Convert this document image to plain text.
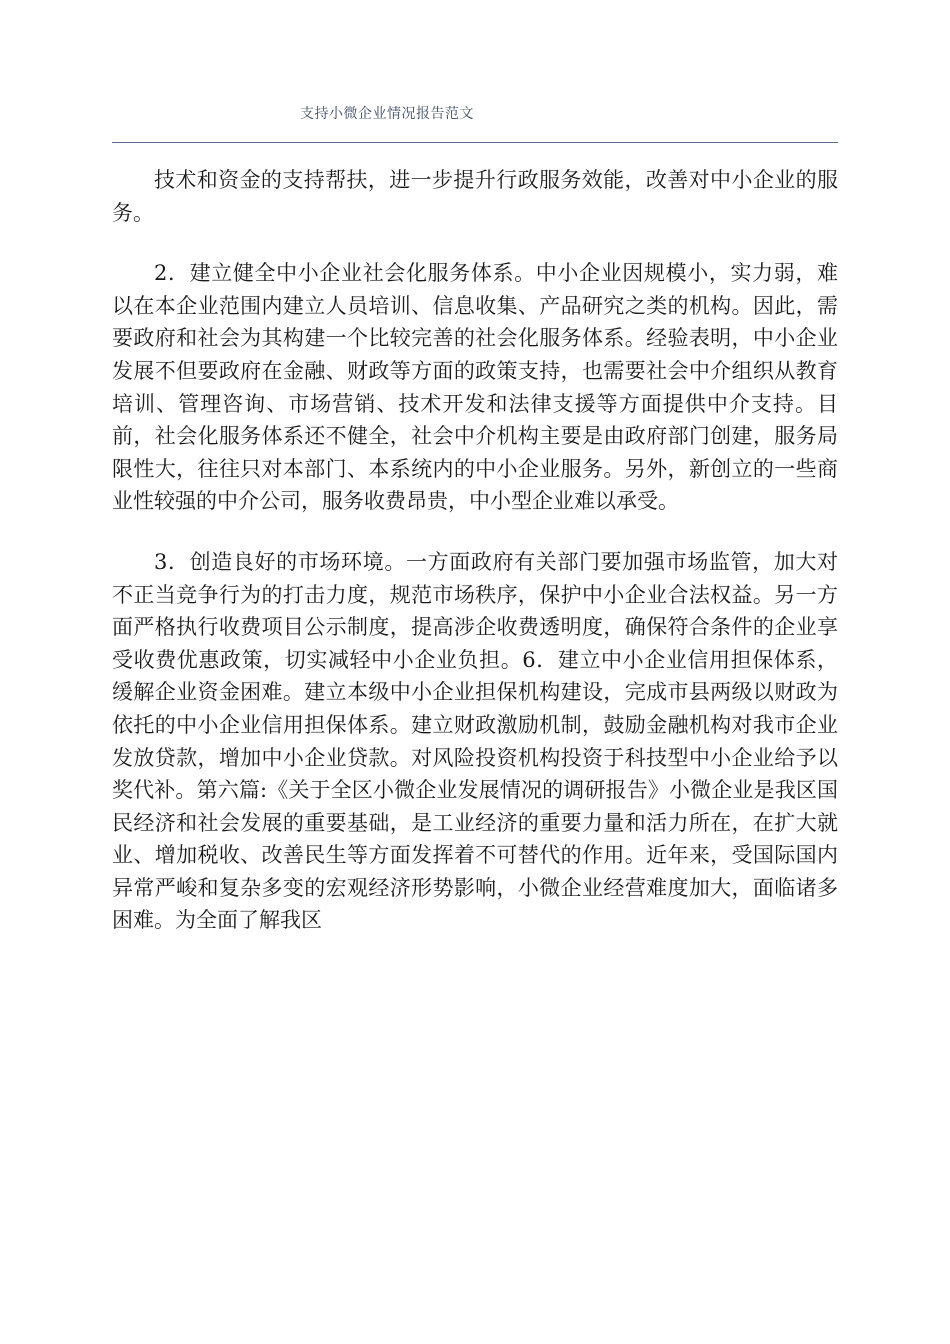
支持小微企业情况报告范文

技术和资金的支持帮扶，进一步提升行政服务效能，改善对中小企业的服务。

2．建立健全中小企业社会化服务体系。中小企业因规模小，实力弱，难以在本企业范围内建立人员培训、信息收集、产品研究之类的机构。因此，需要政府和社会为其构建一个比较完善的社会化服务体系。经验表明，中小企业发展不但要政府在金融、财政等方面的政策支持，也需要社会中介组织从教育培训、管理咨询、市场营销、技术开发和法律支援等方面提供中介支持。目前，社会化服务体系还不健全，社会中介机构主要是由政府部门创建，服务局限性大，往往只对本部门、本系统内的中小企业服务。另外，新创立的一些商业性较强的中介公司，服务收费昂贵，中小型企业难以承受。

3．创造良好的市场环境。一方面政府有关部门要加强市场监管，加大对不正当竞争行为的打击力度，规范市场秩序，保护中小企业合法权益。另一方面严格执行收费项目公示制度，提高涉企收费透明度，确保符合条件的企业享受收费优惠政策，切实减轻中小企业负担。6．建立中小企业信用担保体系，缓解企业资金困难。建立本级中小企业担保机构建设，完成市县两级以财政为依托的中小企业信用担保体系。建立财政激励机制，鼓励金融机构对我市企业发放贷款，增加中小企业贷款。对风险投资机构投资于科技型中小企业给予以奖代补。第六篇:《关于全区小微企业发展情况的调研报告》小微企业是我区国民经济和社会发展的重要基础，是工业经济的重要力量和活力所在，在扩大就业、增加税收、改善民生等方面发挥着不可替代的作用。近年来，受国际国内异常严峻和复杂多变的宏观经济形势影响，小微企业经营难度加大，面临诸多困难。为全面了解我区
